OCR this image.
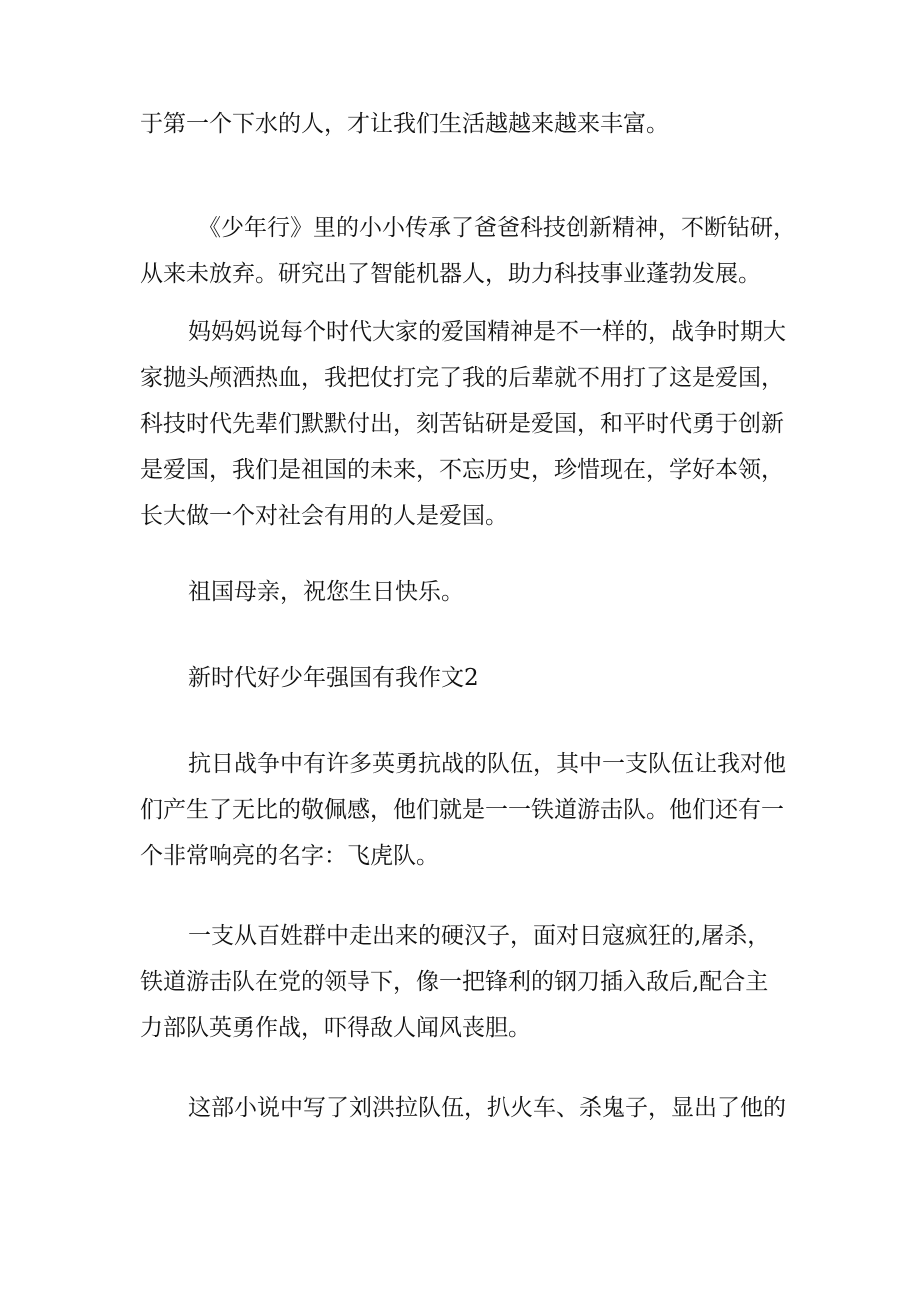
于第一个下水的人，才让我们生活越越来越来丰富。
《少年行》里的小小传承了爸爸科技创新精神，不断钻研，
从来未放弃。研究出了智能机器人，助力科技事业蓬勃发展。
妈妈妈说每个时代大家的爱国精神是不一样的，战争时期大
家抛头颅洒热血，我把仗打完了我的后辈就不用打了这是爱国，
科技时代先辈们默默付出，刻苦钻研是爱国，和平时代勇于创新
是爱国，我们是祖国的未来，不忘历史，珍惜现在，学好本领，
长大做一个对社会有用的人是爱国。
祖国母亲，祝您生日快乐。
新时代好少年强国有我作文2
抗日战争中有许多英勇抗战的队伍，其中一支队伍让我对他
们产生了无比的敬佩感，他们就是一一铁道游击队。他们还有一
个非常响亮的名字：飞虎队。
一支从百姓群中走出来的硬汉子，面对日寇疯狂的,屠杀，
铁道游击队在党的领导下，像一把锋利的钢刀插入敌后,配合主
力部队英勇作战，吓得敌人闻风丧胆。
这部小说中写了刘洪拉队伍，扒火车、杀鬼子，显出了他的
